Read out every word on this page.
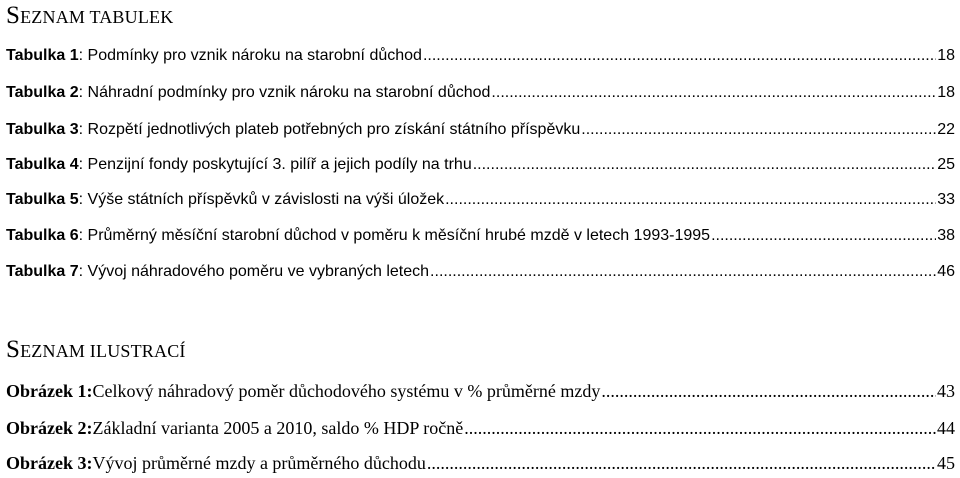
SEZNAM TABULEK
Tabulka 1 : Podmínky pro vznik nároku na starobní důchod .....	18
Tabulka 2 : Náhradní podmínky pro vznik nároku na starobní důchod .....	18
Tabulka 3 : Rozpětí jednotlivých plateb potřebných pro získání státního příspěvku .....	22
Tabulka 4 : Penzijní fondy poskytující 3. pilíř a jejich podíly na trhu .....	25
Tabulka 5 : Výše státních příspěvků v závislosti na výši úložek .....	33
Tabulka 6 : Průměrný měsíční starobní důchod v poměru k měsíční hrubé mzdě v letech 1993-1995 .....	38
Tabulka 7 : Vývoj náhradového poměru ve vybraných letech .....	46
SEZNAM ILUSTRACÍ
Obrázek 1: Celkový náhradový poměr důchodového systému v % průměrné mzdy .....	43
Obrázek 2: Základní varianta 2005 a 2010, saldo % HDP ročně .....	44
Obrázek 3: Vývoj průměrné mzdy a průměrného důchodu .....	45
